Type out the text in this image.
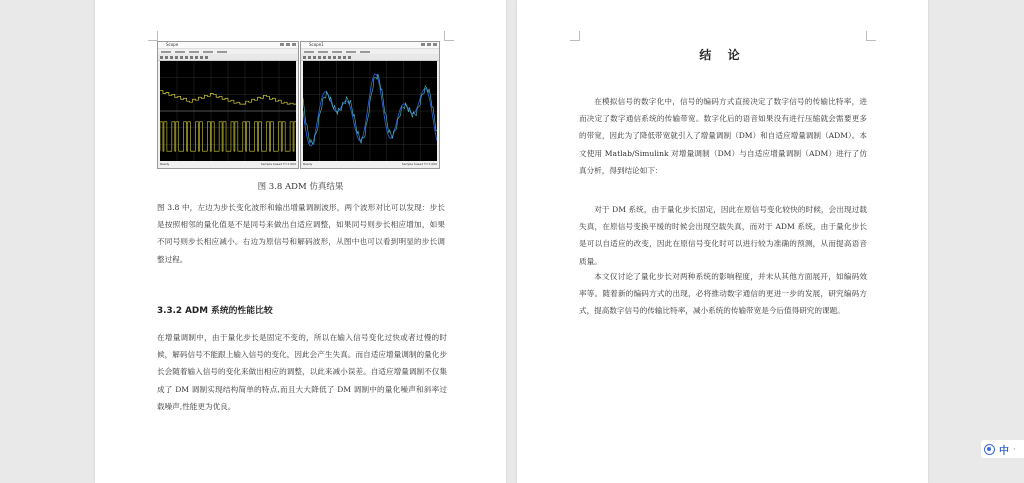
Scope
Ready	Sample based T=7.000
Scope1
Ready	Sample based T=7.000
图 3.8 ADM 仿真结果

图 3.8 中，左边为步长变化波形和输出增量调制波形，两个波形对比可以发现：步长是按照相邻的量化值是不是同号来做出自适应调整，如果同号则步长相应增加，如果不同号则步长相应减小。右边为原信号和解码波形，从图中也可以看到明显的步长调整过程。

3.3.2 ADM 系统的性能比较

在增量调制中，由于量化步长是固定不变的，所以在输入信号变化过快或者过慢的时候，解码信号不能跟上输入信号的变化，因此会产生失真。而自适应增量调制的量化步长会随着输入信号的变化来做出相应的调整，以此来减小误差。自适应增量调制不仅集成了 DM 调制实现结构简单的特点,而且大大降低了 DM 调制中的量化噪声和斜率过载噪声,性能更为优良。

结 论

在模拟信号的数字化中，信号的编码方式直接决定了数字信号的传输比特率，进而决定了数字通信系统的传输带宽。数字化后的语音如果没有进行压缩就会需要更多的带宽，因此为了降低带宽就引入了增量调制（DM）和自适应增量调制（ADM）。本文使用 Matlab/Simulink 对增量调制（DM）与自适应增量调制（ADM）进行了仿真分析，得到结论如下：

对于 DM 系统，由于量化步长固定，因此在原信号变化较快的时候，会出现过载失真，在原信号变换平缓的时候会出现空载失真，而对于 ADM 系统，由于量化步长是可以自适应的改变，因此在原信号变化时可以进行较为准确的预测，从而提高语音质量。

本文仅讨论了量化步长对两种系统的影响程度，并未从其他方面展开，如编码效率等。随着新的编码方式的出现，必将推动数字通信的更进一步的发展，研究编码方式，提高数字信号的传输比特率，减小系统的传输带宽是今后值得研究的课题。

中 ·
